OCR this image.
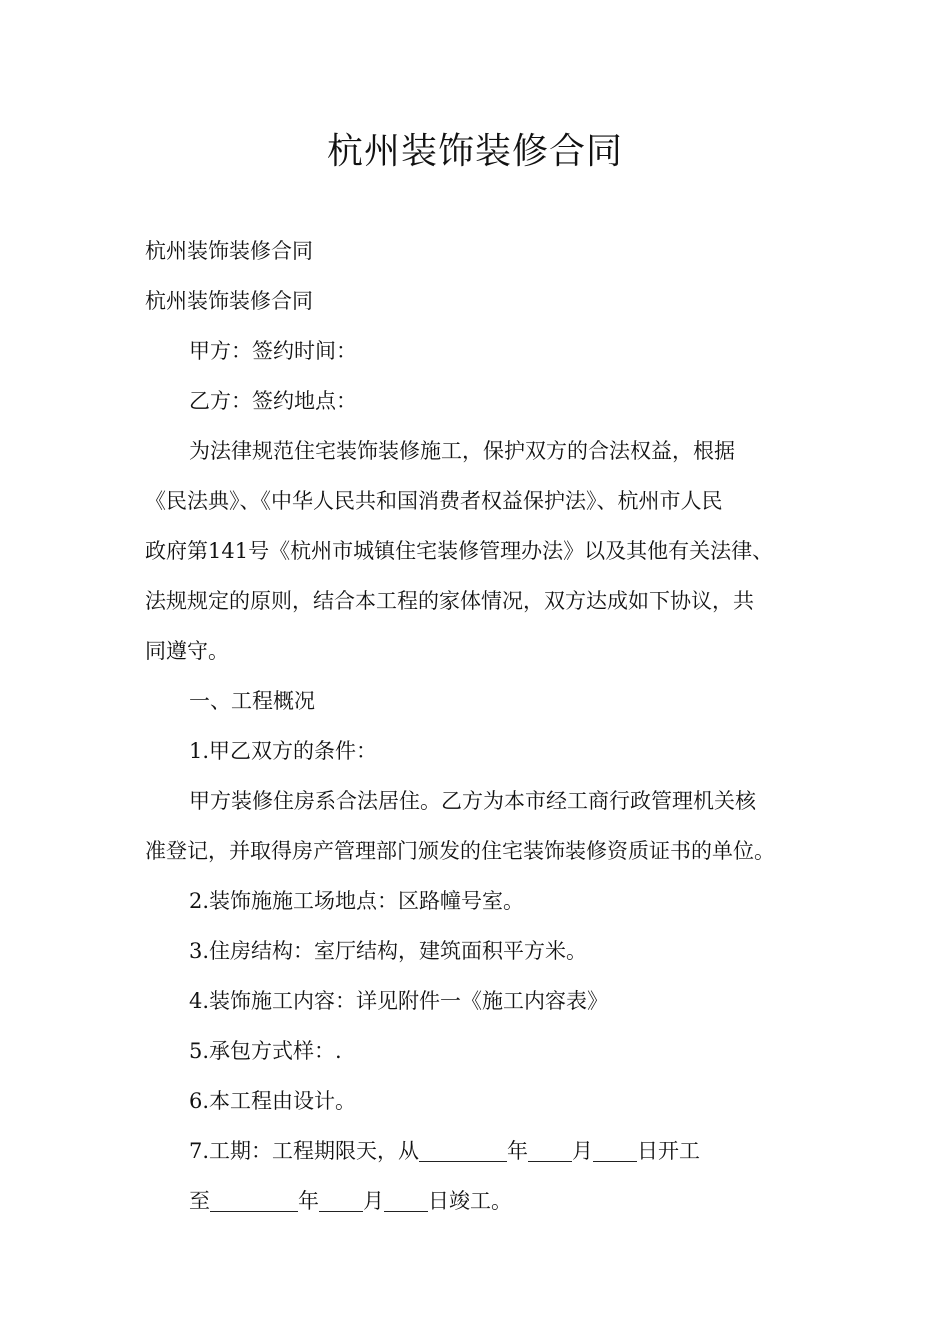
杭州装饰装修合同

杭州装饰装修合同

杭州装饰装修合同

甲方：签约时间：

乙方：签约地点：

为法律规范住宅装饰装修施工，保护双方的合法权益，根据

《民法典》、《中华人民共和国消费者权益保护法》、杭州市人民

政府第141号《杭州市城镇住宅装修管理办法》以及其他有关法律、

法规规定的原则，结合本工程的家体情况，双方达成如下协议，共

同遵守。

一、工程概况

1.甲乙双方的条件：

甲方装修住房系合法居住。乙方为本市经工商行政管理机关核

准登记，并取得房产管理部门颁发的住宅装饰装修资质证书的单位。

2.装饰施施工场地点：区路幢号室。

3.住房结构：室厅结构，建筑面积平方米。

4.装饰施工内容：详见附件一《施工内容表》

5.承包方式样：.

6.本工程由设计。

7.工期：工程期限天，从	年 月 日开工

至	年 月 日竣工。
